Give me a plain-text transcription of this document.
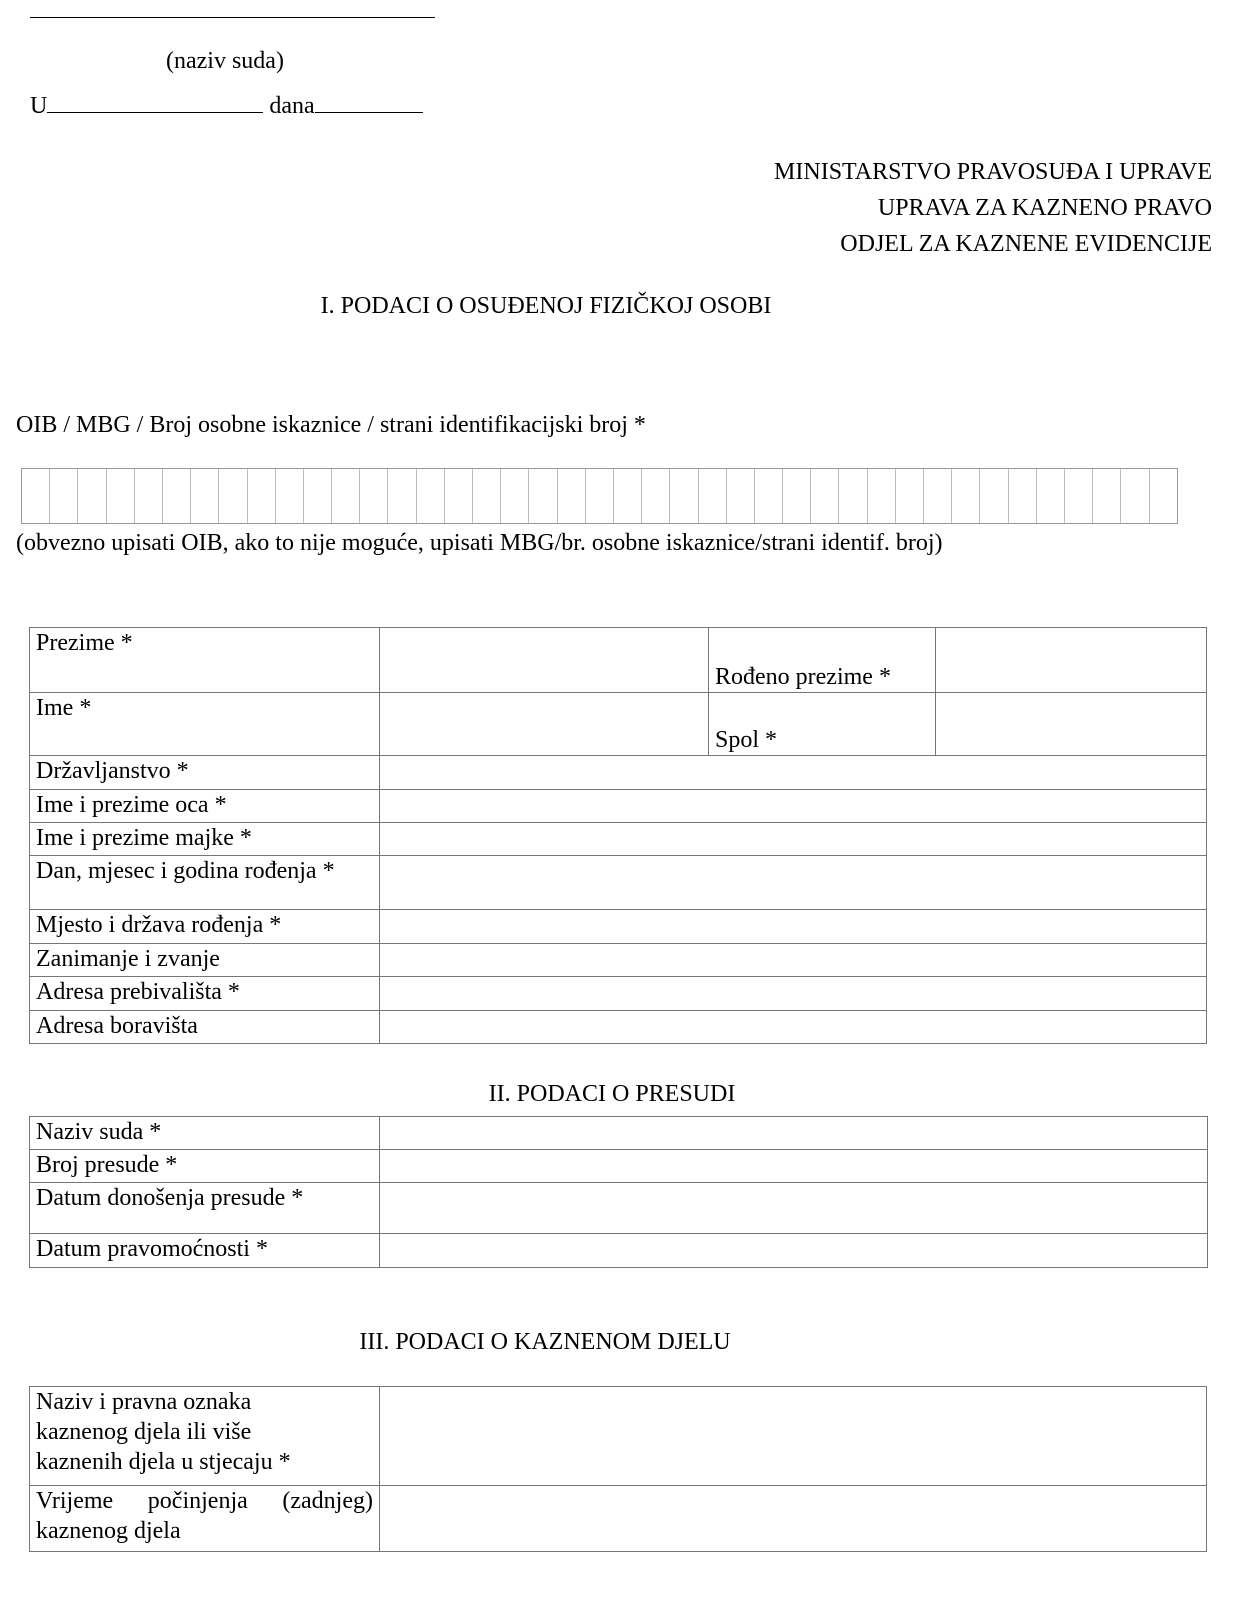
(naziv suda)
U	dana
MINISTARSTVO PRAVOSUĐA I UPRAVE
UPRAVA ZA KAZNENO PRAVO
ODJEL ZA KAZNENE EVIDENCIJE
I. PODACI O OSUĐENOJ FIZIČKOJ OSOBI
OIB / MBG / Broj osobne iskaznice / strani identifikacijski broj *
(obvezno upisati OIB, ako to nije moguće, upisati MBG/br. osobne iskaznice/strani identif. broj)
Prezime *		Rođeno prezime *	
Ime *		Spol *	
Državljanstvo *			
Ime i prezime oca *			
Ime i prezime majke *			
Dan, mjesec i godina rođenja *			
Mjesto i država rođenja *			
Zanimanje i zvanje			
Adresa prebivališta *			
Adresa boravišta			
II. PODACI O PRESUDI
Naziv suda *	
Broj presude *	
Datum donošenja presude *	
Datum pravomoćnosti *	
III. PODACI O KAZNENOM DJELU
Naziv i pravna oznaka
kaznenog djela ili više
kaznenih djela u stjecaju *	

Vrijeme počinjenja (zadnjeg)
kaznenog djela	
